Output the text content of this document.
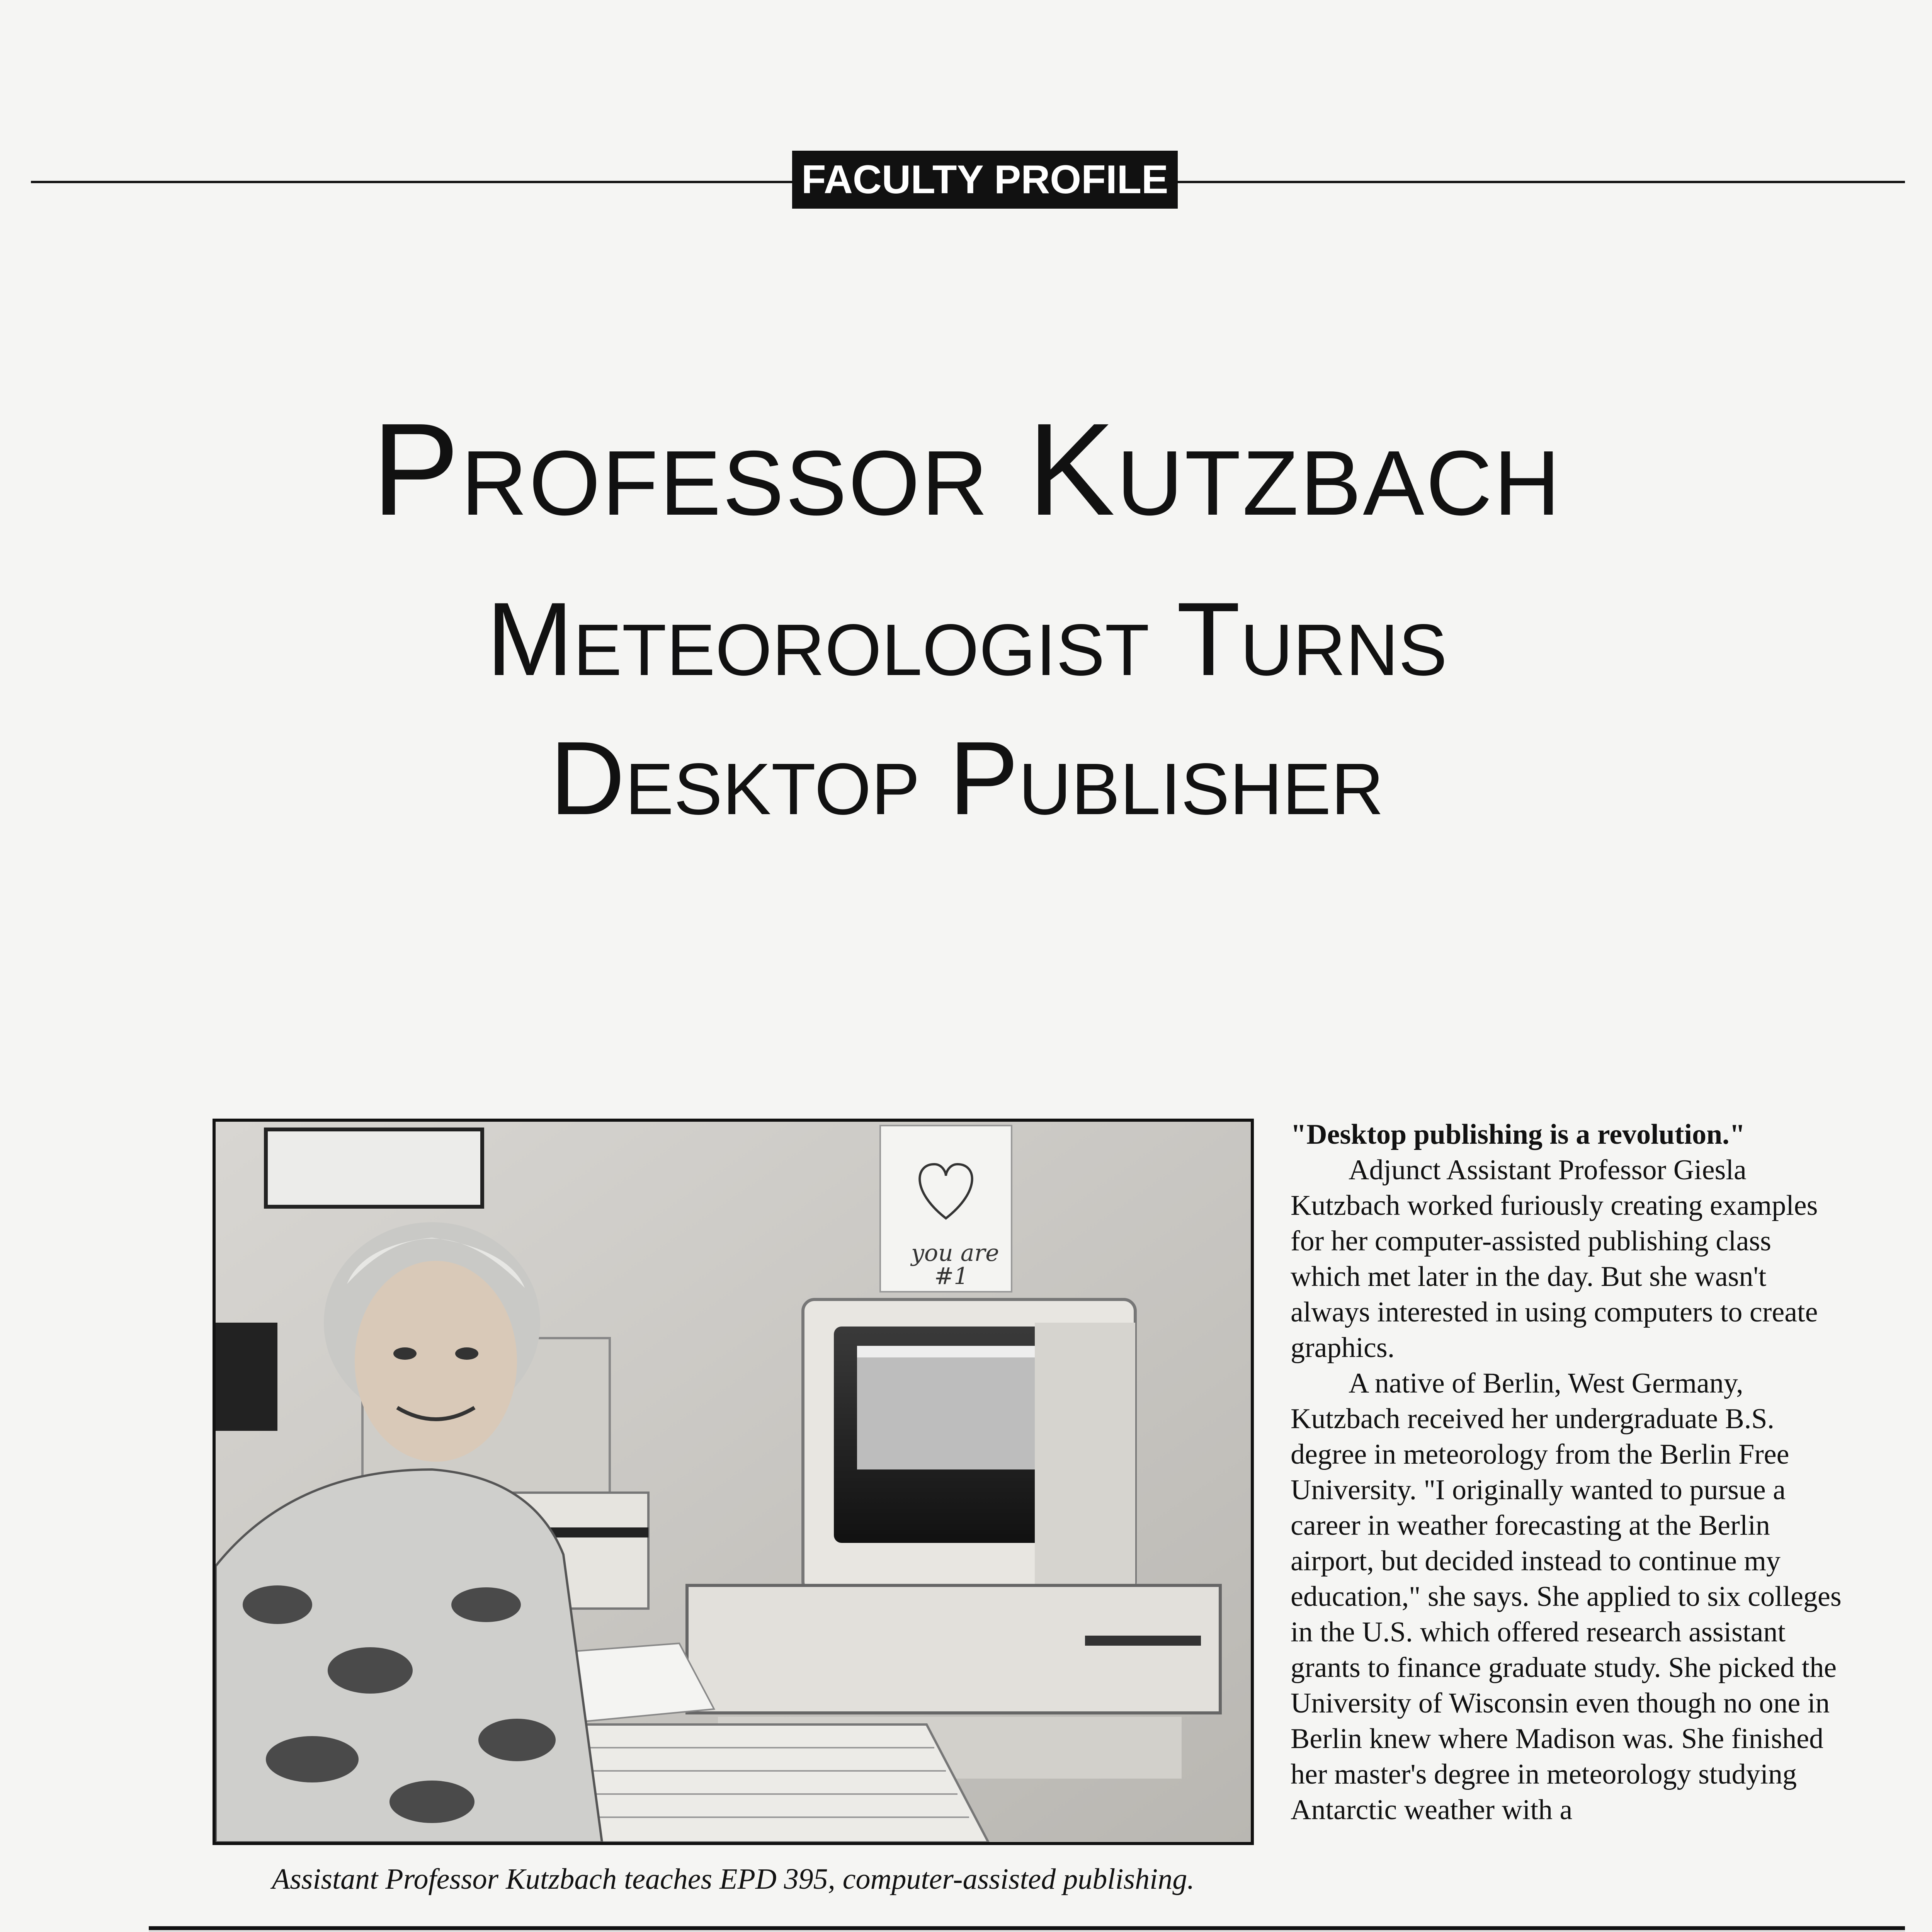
FACULTY PROFILE
Professor Kutzbach
Meteorologist Turns
Desktop Publisher
you are
#1
Assistant Professor Kutzbach teaches EPD 395, computer-assisted publishing.
"Desktop publishing is a revolution."

Adjunct Assistant Professor Giesla Kutzbach worked furiously creating examples for her computer-assisted publishing class which met later in the day. But she wasn't always interested in using computers to create graphics.

A native of Berlin, West Germany, Kutzbach received her undergraduate B.S. degree in meteorology from the Berlin Free University. "I originally wanted to pursue a career in weather forecasting at the Berlin airport, but decided instead to continue my education," she says. She applied to six colleges in the U.S. which offered research assistant grants to finance graduate study. She picked the University of Wisconsin even though no one in Berlin knew where Madison was. She finished her master's degree in meteorology studying Antarctic weather with a
